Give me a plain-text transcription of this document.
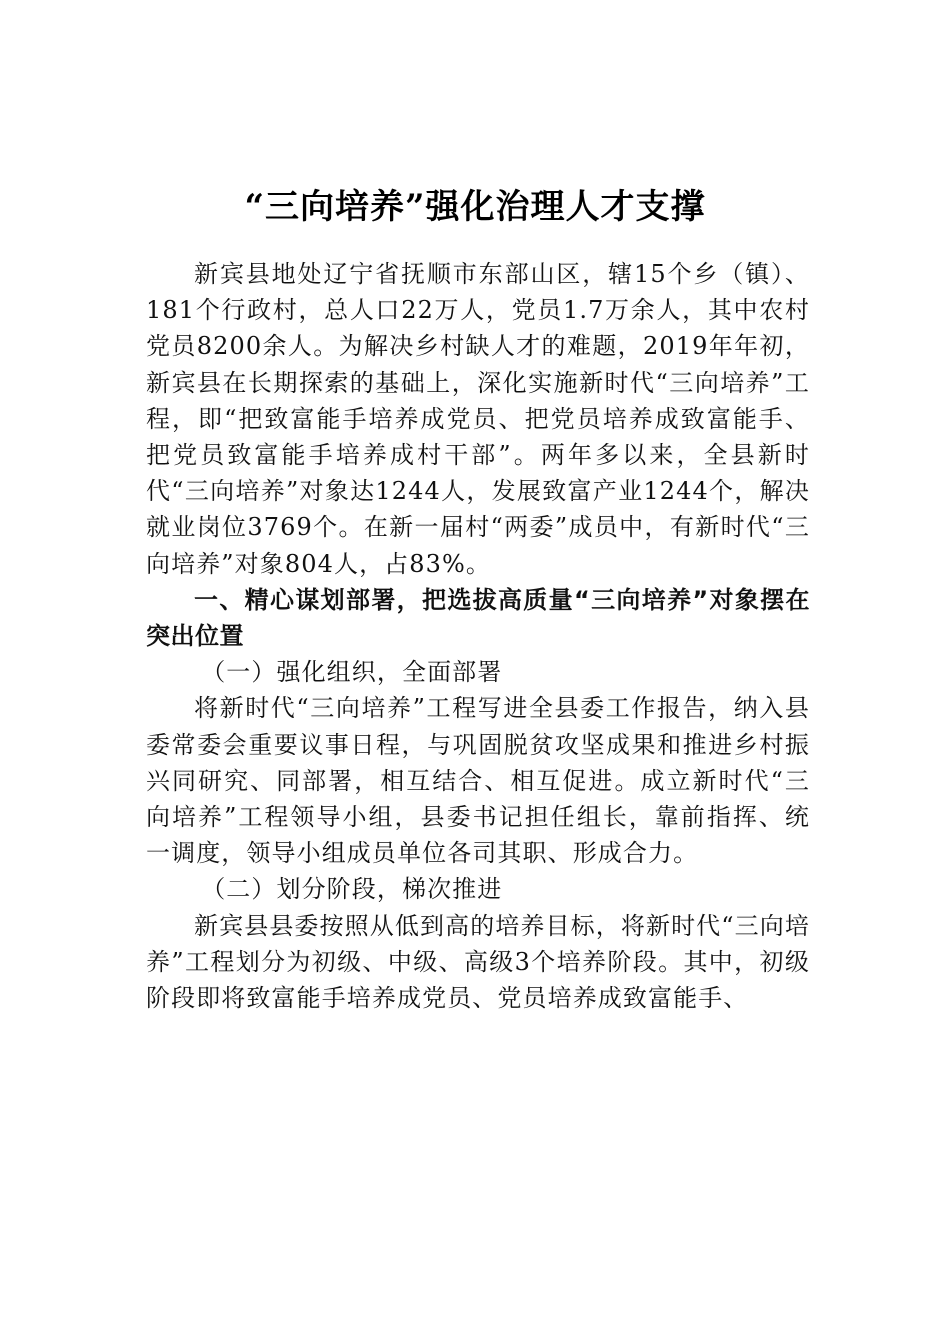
“三向培养”强化治理人才支撑

新宾县地处辽宁省抚顺市东部山区，辖15个乡（镇）、181个行政村，总人口22万人，党员1.7万余人，其中农村党员8200余人。为解决乡村缺人才的难题，2019年年初，新宾县在长期探索的基础上，深化实施新时代“三向培养”工程，即“把致富能手培养成党员、把党员培养成致富能手、把党员致富能手培养成村干部”。两年多以来，全县新时代“三向培养”对象达1244人，发展致富产业1244个，解决就业岗位3769个。在新一届村“两委”成员中，有新时代“三向培养”对象804人，占83%。

一、精心谋划部署，把选拔高质量“三向培养”对象摆在突出位置

（一）强化组织，全面部署

将新时代“三向培养”工程写进全县委工作报告，纳入县委常委会重要议事日程，与巩固脱贫攻坚成果和推进乡村振兴同研究、同部署，相互结合、相互促进。成立新时代“三向培养”工程领导小组，县委书记担任组长，靠前指挥、统一调度，领导小组成员单位各司其职、形成合力。

（二）划分阶段，梯次推进

新宾县县委按照从低到高的培养目标，将新时代“三向培养”工程划分为初级、中级、高级3个培养阶段。其中，初级阶段即将致富能手培养成党员、党员培养成致富能手、
